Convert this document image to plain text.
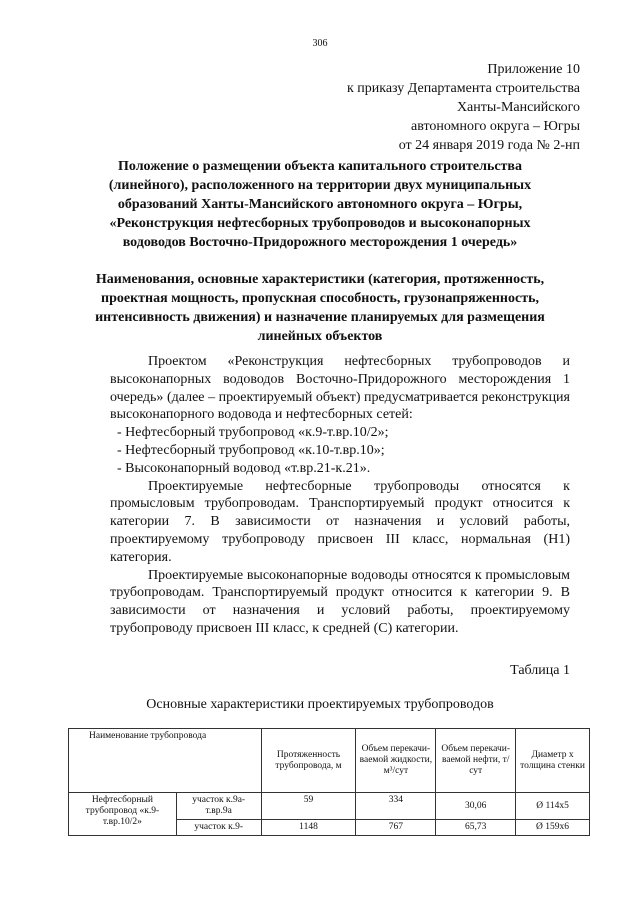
306
Приложение 10
к приказу Департамента строительства
Ханты-Мансийского
автономного округа – Югры
от 24 января 2019 года № 2-нп
Положение о размещении объекта капитального строительства
(линейного), расположенного на территории двух муниципальных
образований Ханты-Мансийского автономного округа – Югры,
«Реконструкция нефтесборных трубопроводов и высоконапорных
водоводов Восточно-Придорожного месторождения 1 очередь»
Наименования, основные характеристики (категория, протяженность,
проектная мощность, пропускная способность, грузонапряженность,
интенсивность движения) и назначение планируемых для размещения
линейных объектов
Проектом «Реконструкция нефтесборных трубопроводов и высоконапорных водоводов Восточно-Придорожного месторождения 1 очередь» (далее – проектируемый объект) предусматривается реконструкция высоконапорного водовода и нефтесборных сетей:
- Нефтесборный трубопровод «к.9-т.вр.10/2»;
- Нефтесборный трубопровод «к.10-т.вр.10»;
- Высоконапорный водовод «т.вр.21-к.21».
Проектируемые нефтесборные трубопроводы относятся к промысловым трубопроводам. Транспортируемый продукт относится к категории 7. В зависимости от назначения и условий работы, проектируемому трубопроводу присвоен III класс, нормальная (Н1) категория.
Проектируемые высоконапорные водоводы относятся к промысловым трубопроводам. Транспортируемый продукт относится к категории 9. В зависимости от назначения и условий работы, проектируемому трубопроводу присвоен III класс, к средней (С) категории.
Таблица 1
Основные характеристики проектируемых трубопроводов
Наименование трубопровода		Протяженность трубопровода, м	Объем перекачи-ваемой жидкости, м³/сут	Объем перекачи-ваемой нефти, т/сут	Диаметр х толщина стенки
Нефтесборный трубопровод «к.9-т.вр.10/2»	участок к.9а-т.вр.9а	59	334	30,06	Ø 114x5
	участок к.9-	1148	767	65,73	Ø 159x6
